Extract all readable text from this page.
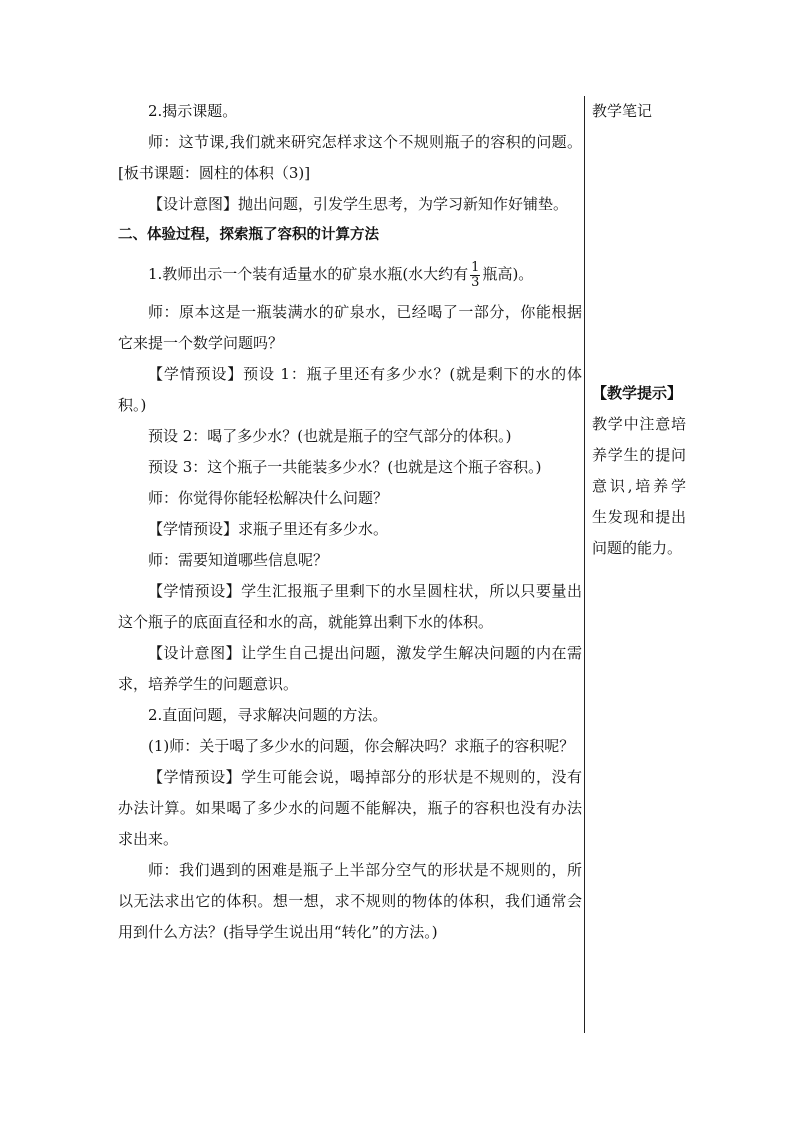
2.揭示课题。

师：这节课,我们就来研究怎样求这个不规则瓶子的容积的问题。[板书课题：圆柱的体积（3)]

【设计意图】抛出问题，引发学生思考，为学习新知作好铺垫。

二、体验过程，探索瓶了容积的计算方法

1.教师出示一个装有适量水的矿泉水瓶(水大约有 $\frac{1}{3}$ 瓶高)。

师：原本这是一瓶装满水的矿泉水，已经喝了一部分，你能根据它来提一个数学问题吗？

【学情预设】预设 1：瓶子里还有多少水？(就是剩下的水的体积。)

预设 2：喝了多少水？(也就是瓶子的空气部分的体积。)

预设 3：这个瓶子一共能装多少水？(也就是这个瓶子容积。)

师：你觉得你能轻松解决什么问题？

【学情预设】求瓶子里还有多少水。

师：需要知道哪些信息呢？

【学情预设】学生汇报瓶子里剩下的水呈圆柱状，所以只要量出这个瓶子的底面直径和水的高，就能算出剩下水的体积。

【设计意图】让学生自己提出问题，激发学生解决问题的内在需求，培养学生的问题意识。

2.直面问题，寻求解决问题的方法。

(1)师：关于喝了多少水的问题，你会解决吗？求瓶子的容积呢？

【学情预设】学生可能会说，喝掉部分的形状是不规则的，没有办法计算。如果喝了多少水的问题不能解决，瓶子的容积也没有办法求出来。

师：我们遇到的困难是瓶子上半部分空气的形状是不规则的，所以无法求出它的体积。想一想，求不规则的物体的体积，我们通常会用到什么方法？(指导学生说出用“转化”的方法。)

教学笔记
【教学提示】
教学中注意培养学生的提问意识,培养学生发现和提出问题的能力。
